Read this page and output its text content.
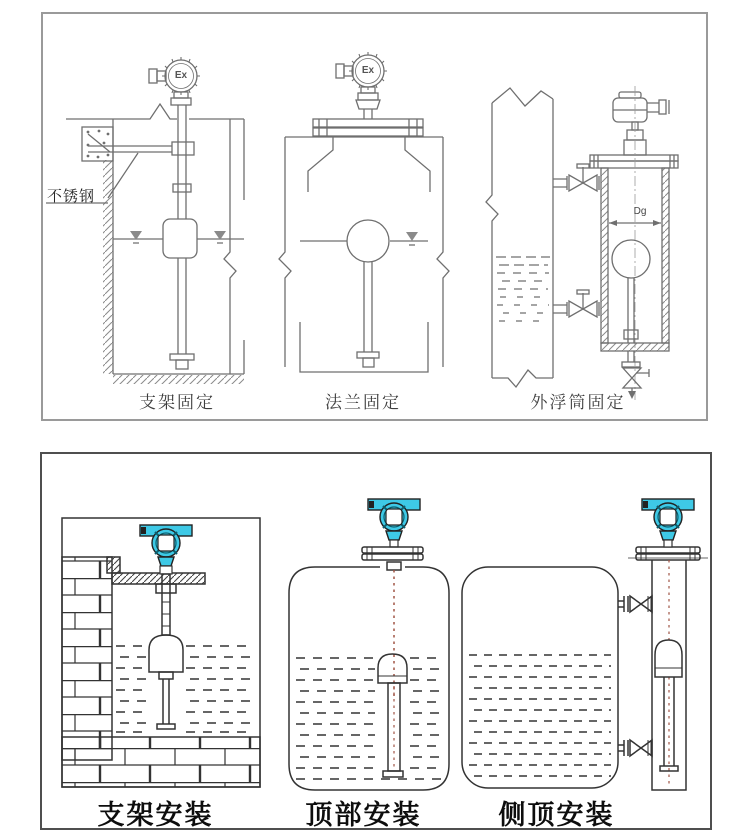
Ex	Ex
Dg
不锈钢
支架固定	法兰固定	外浮筒固定
支架安装	顶部安装	侧顶安装
